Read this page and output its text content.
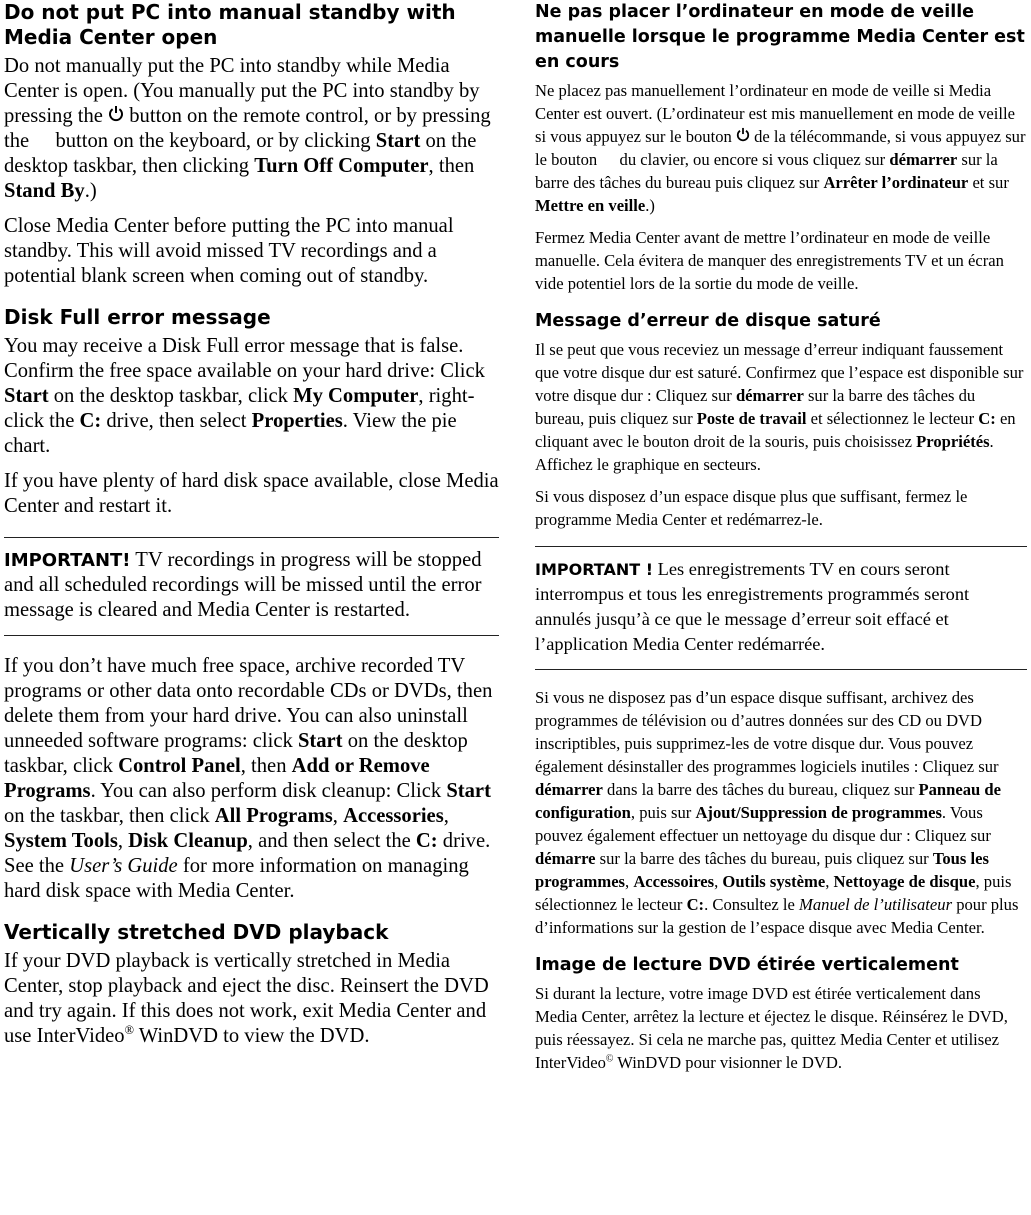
Do not put PC into manual standby with Media Center open

Do not manually put the PC into standby while Media Center is open. (You manually put the PC into standby by pressing the  button on the remote control, or by pressing the  button on the keyboard, or by clicking Start on the desktop taskbar, then clicking Turn Off Computer, then Stand By.)

Close Media Center before putting the PC into manual standby. This will avoid missed TV recordings and a potential blank screen when coming out of standby.

Disk Full error message

You may receive a Disk Full error message that is false. Confirm the free space available on your hard drive: Click Start on the desktop taskbar, click My Computer, right-click the C: drive, then select Properties. View the pie chart.

If you have plenty of hard disk space available, close Media Center and restart it.

IMPORTANT! TV recordings in progress will be stopped and all scheduled recordings will be missed until the error message is cleared and Media Center is restarted.

If you don’t have much free space, archive recorded TV programs or other data onto recordable CDs or DVDs, then delete them from your hard drive. You can also uninstall unneeded software programs: click Start on the desktop taskbar, click Control Panel, then Add or Remove Programs. You can also perform disk cleanup: Click Start on the taskbar, then click All Programs, Accessories, System Tools, Disk Cleanup, and then select the C: drive. See the User’s Guide for more information on managing hard disk space with Media Center.

Vertically stretched DVD playback

If your DVD playback is vertically stretched in Media Center, stop playback and eject the disc. Reinsert the DVD and try again. If this does not work, exit Media Center and use InterVideo® WinDVD to view the DVD.

Ne pas placer l’ordinateur en mode de veille manuelle lorsque le programme Media Center est en cours

Ne placez pas manuellement l’ordinateur en mode de veille si Media Center est ouvert. (L’ordinateur est mis manuellement en mode de veille si vous appuyez sur le bouton  de la télécommande, si vous appuyez sur le bouton  du clavier, ou encore si vous cliquez sur démarrer sur la barre des tâches du bureau puis cliquez sur Arrêter l’ordinateur et sur Mettre en veille.)

Fermez Media Center avant de mettre l’ordinateur en mode de veille manuelle. Cela évitera de manquer des enregistrements TV et un écran vide potentiel lors de la sortie du mode de veille.

Message d’erreur de disque saturé

Il se peut que vous receviez un message d’erreur indiquant faussement que votre disque dur est saturé. Confirmez que l’espace est disponible sur votre disque dur : Cliquez sur démarrer sur la barre des tâches du bureau, puis cliquez sur Poste de travail et sélectionnez le lecteur C: en cliquant avec le bouton droit de la souris, puis choisissez Propriétés. Affichez le graphique en secteurs.

Si vous disposez d’un espace disque plus que suffisant, fermez le programme Media Center et redémarrez-le.

IMPORTANT ! Les enregistrements TV en cours seront interrompus et tous les enregistrements programmés seront annulés jusqu’à ce que le message d’erreur soit effacé et l’application Media Center redémarrée.

Si vous ne disposez pas d’un espace disque suffisant, archivez des programmes de télévision ou d’autres données sur des CD ou DVD inscriptibles, puis supprimez-les de votre disque dur. Vous pouvez également désinstaller des programmes logiciels inutiles : Cliquez sur démarrer dans la barre des tâches du bureau, cliquez sur Panneau de configuration, puis sur Ajout/Suppression de programmes. Vous pouvez également effectuer un nettoyage du disque dur : Cliquez sur démarre sur la barre des tâches du bureau, puis cliquez sur Tous les programmes, Accessoires, Outils système, Nettoyage de disque, puis sélectionnez le lecteur C:. Consultez le Manuel de l’utilisateur pour plus d’informations sur la gestion de l’espace disque avec Media Center.

Image de lecture DVD étirée verticalement

Si durant la lecture, votre image DVD est étirée verticalement dans Media Center, arrêtez la lecture et éjectez le disque. Réinsérez le DVD, puis réessayez. Si cela ne marche pas, quittez Media Center et utilisez InterVideo© WinDVD pour visionner le DVD.
